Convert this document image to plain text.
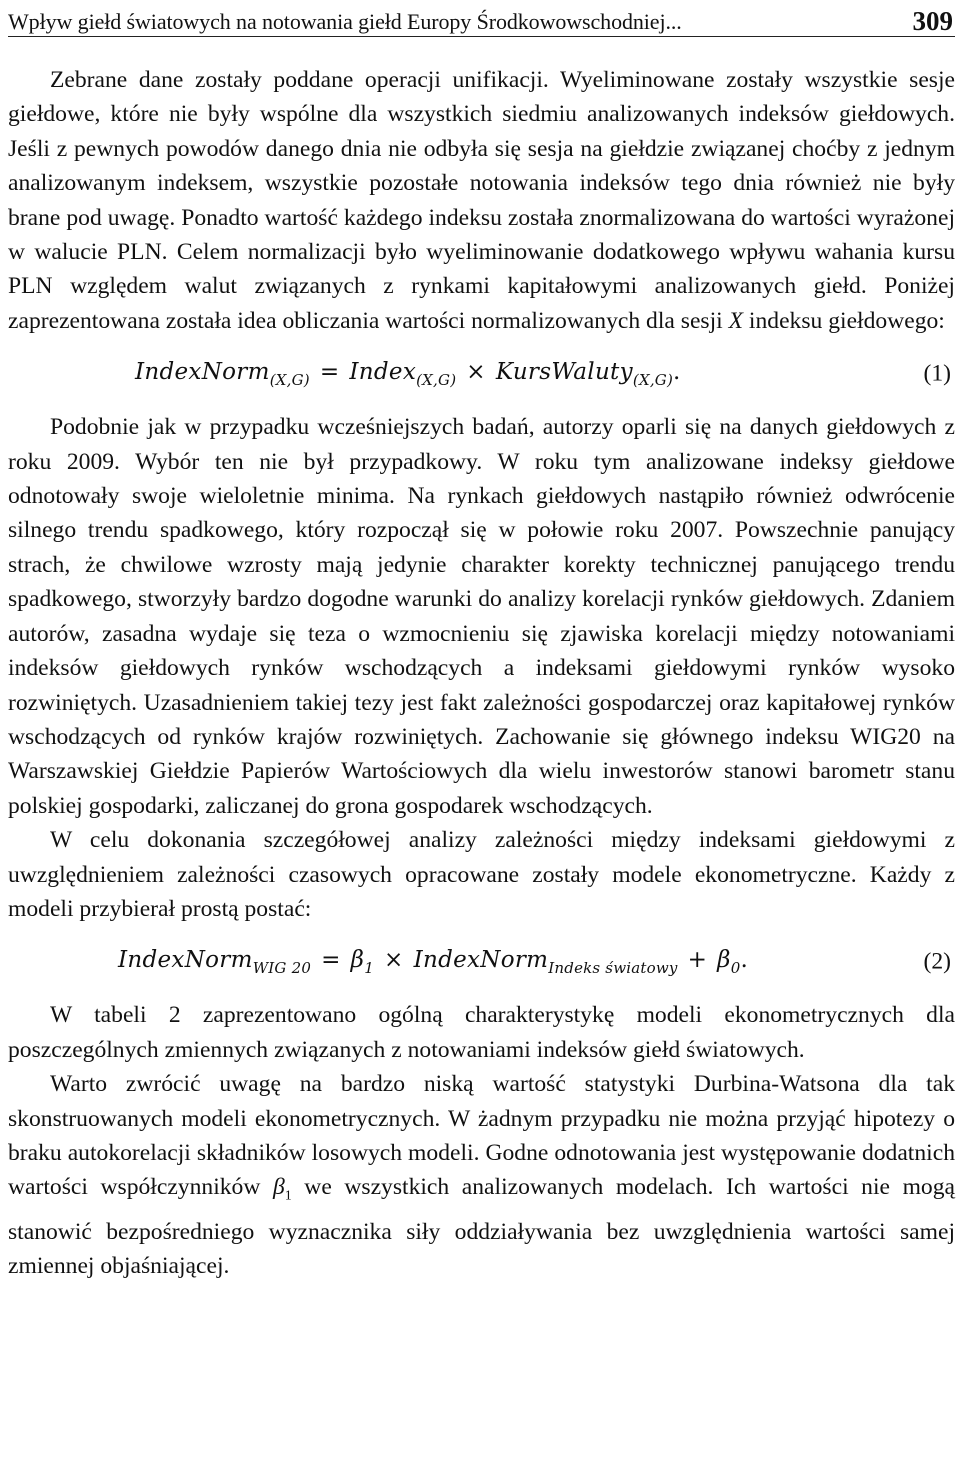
Wpływ giełd światowych na notowania giełd Europy Środkowowschodniej...	309

Zebrane dane zostały poddane operacji unifikacji. Wyeliminowane zostały wszystkie sesje giełdowe, które nie były wspólne dla wszystkich siedmiu analizowanych indeksów giełdowych. Jeśli z pewnych powodów danego dnia nie odbyła się sesja na giełdzie związanej choćby z jednym analizowanym indeksem, wszystkie pozostałe notowania indeksów tego dnia również nie były brane pod uwagę. Ponadto wartość każdego indeksu została znormalizowana do wartości wyrażonej w walucie PLN. Celem normalizacji było wyeliminowanie dodatkowego wpływu wahania kursu PLN względem walut związanych z rynkami kapitałowymi analizowanych giełd. Poniżej zaprezentowana została idea obliczania wartości normalizowanych dla sesji X indeksu giełdowego:

IndexNorm$_{(X,G)}$ = Index$_{(X,G)}$ × KursWaluty$_{(X,G)}$.	(1)

Podobnie jak w przypadku wcześniejszych badań, autorzy oparli się na danych giełdowych z roku 2009. Wybór ten nie był przypadkowy. W roku tym analizowane indeksy giełdowe odnotowały swoje wieloletnie minima. Na rynkach giełdowych nastąpiło również odwrócenie silnego trendu spadkowego, który rozpoczął się w połowie roku 2007. Powszechnie panujący strach, że chwilowe wzrosty mają jedynie charakter korekty technicznej panującego trendu spadkowego, stworzyły bardzo dogodne warunki do analizy korelacji rynków giełdowych. Zdaniem autorów, zasadna wydaje się teza o wzmocnieniu się zjawiska korelacji między notowaniami indeksów giełdowych rynków wschodzących a indeksami giełdowymi rynków wysoko rozwiniętych. Uzasadnieniem takiej tezy jest fakt zależności gospodarczej oraz kapitałowej rynków wschodzących od rynków krajów rozwiniętych. Zachowanie się głównego indeksu WIG20 na Warszawskiej Giełdzie Papierów Wartościowych dla wielu inwestorów stanowi barometr stanu polskiej gospodarki, zaliczanej do grona gospodarek wschodzących.

W celu dokonania szczegółowej analizy zależności między indeksami giełdowymi z uwzględnieniem zależności czasowych opracowane zostały modele ekonometryczne. Każdy z modeli przybierał prostą postać:

IndexNorm$_{WIG 20}$ = $\beta_1$ × IndexNorm$_{Indeks światowy}$ + $\beta_0$.	(2)

W tabeli 2 zaprezentowano ogólną charakterystykę modeli ekonometrycznych dla poszczególnych zmiennych związanych z notowaniami indeksów giełd światowych.

Warto zwrócić uwagę na bardzo niską wartość statystyki Durbina-Watsona dla tak skonstruowanych modeli ekonometrycznych. W żadnym przypadku nie można przyjąć hipotezy o braku autokorelacji składników losowych modeli. Godne odnotowania jest występowanie dodatnich wartości współczynników $\beta_1$ we wszystkich analizowanych modelach. Ich wartości nie mogą stanowić bezpośredniego wyznacznika siły oddziaływania bez uwzględnienia wartości samej zmiennej objaśniającej.
